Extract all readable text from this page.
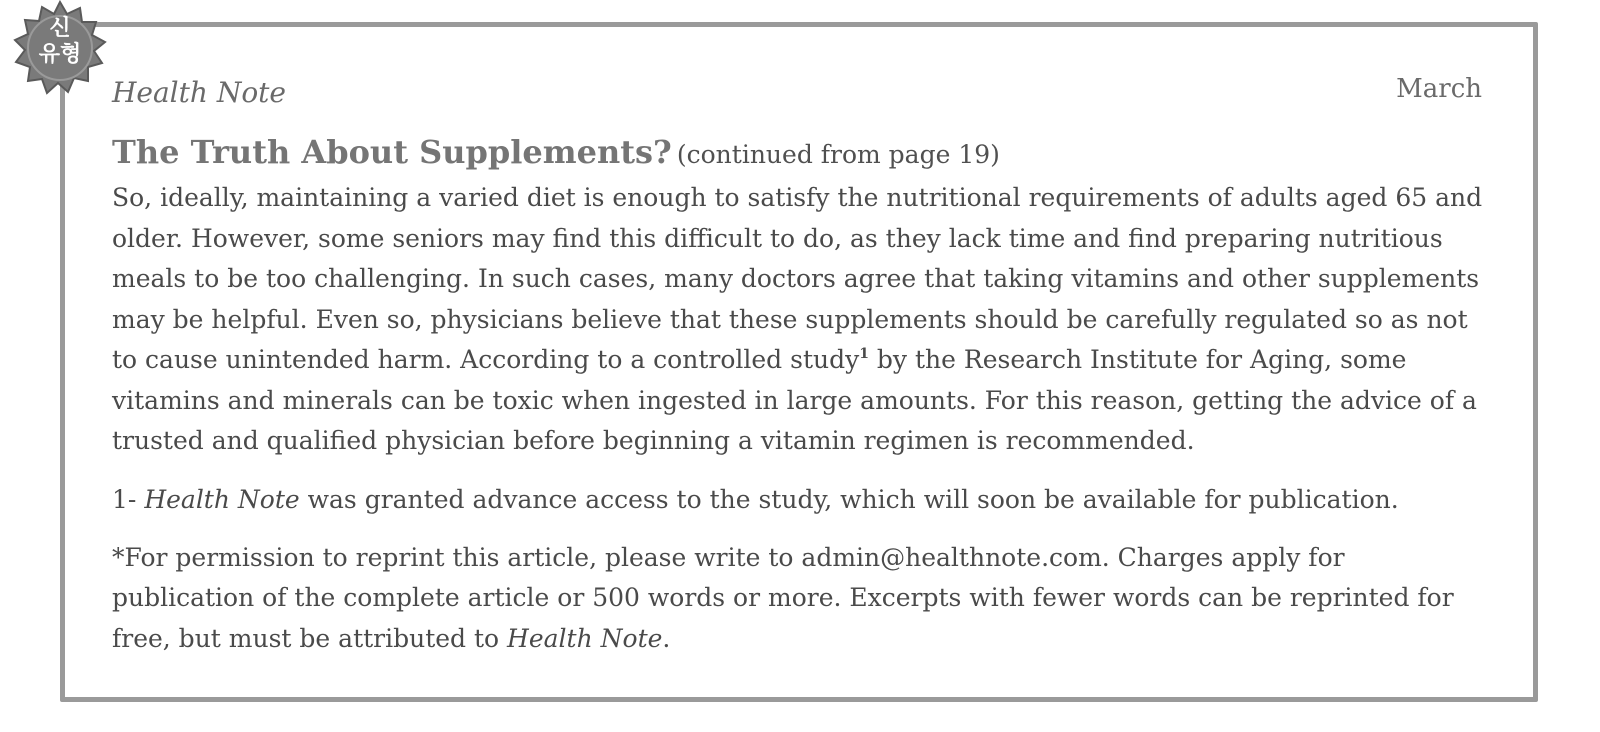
신
유형
Health Note	March
The Truth About Supplements? (continued from page 19)

So, ideally, maintaining a varied diet is enough to satisfy the nutritional requirements of adults aged 65 and older. However, some seniors may find this difficult to do, as they lack time and find preparing nutritious meals to be too challenging. In such cases, many doctors agree that taking vitamins and other supplements may be helpful. Even so, physicians believe that these supplements should be carefully regulated so as not to cause unintended harm. According to a controlled study$^1$ by the Research Institute for Aging, some vitamins and minerals can be toxic when ingested in large amounts. For this reason, getting the advice of a trusted and qualified physician before beginning a vitamin regimen is recommended.

1- Health Note was granted advance access to the study, which will soon be available for publication.
*For permission to reprint this article, please write to admin@healthnote.com. Charges apply for publication of the complete article or 500 words or more. Excerpts with fewer words can be reprinted for free, but must be attributed to Health Note.
